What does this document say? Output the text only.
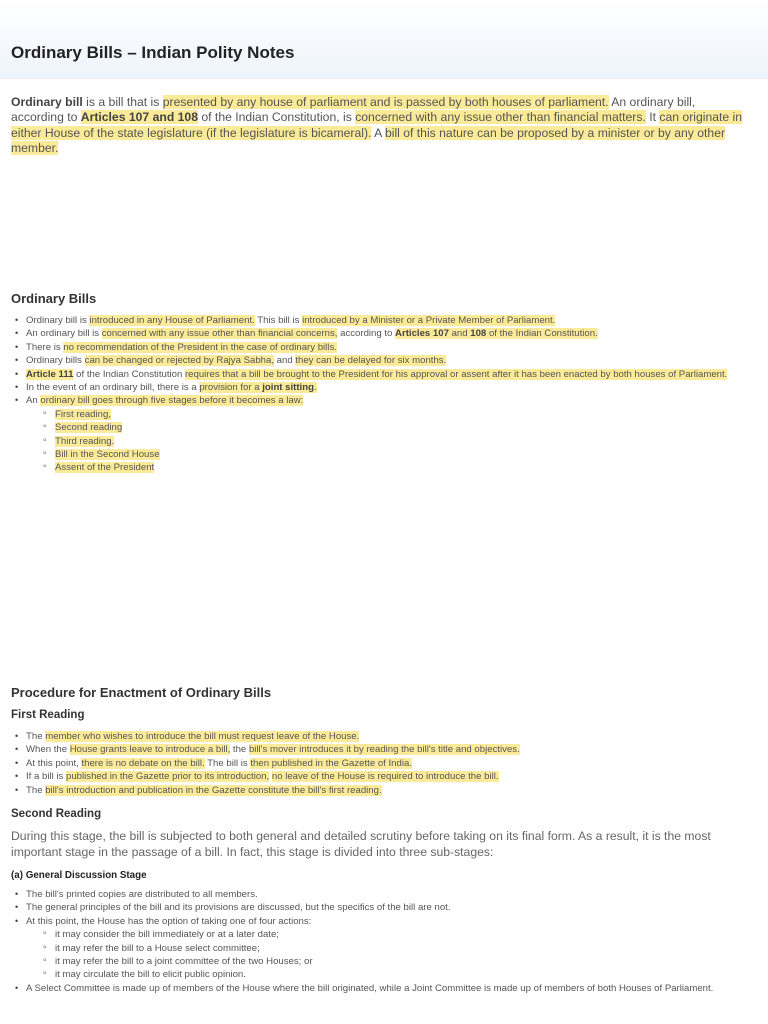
Ordinary Bills – Indian Polity Notes

Ordinary bill is a bill that is presented by any house of parliament and is passed by both houses of parliament. An ordinary bill, according to Articles 107 and 108 of the Indian Constitution, is concerned with any issue other than financial matters. It can originate in either House of the state legislature (if the legislature is bicameral). A bill of this nature can be proposed by a minister or by any other member.

Ordinary Bills
• Ordinary bill is introduced in any House of Parliament. This bill is introduced by a Minister or a Private Member of Parliament.
• An ordinary bill is concerned with any issue other than financial concerns, according to Articles 107 and 108 of the Indian Constitution.
• There is no recommendation of the President in the case of ordinary bills.
• Ordinary bills can be changed or rejected by Rajya Sabha, and they can be delayed for six months.
• Article 111 of the Indian Constitution requires that a bill be brought to the President for his approval or assent after it has been enacted by both houses of Parliament.
• In the event of an ordinary bill, there is a provision for a joint sitting.
• An ordinary bill goes through five stages before it becomes a law:
◦ First reading,
◦ Second reading
◦ Third reading.
◦ Bill in the Second House
◦ Assent of the President
Procedure for Enactment of Ordinary Bills
First Reading
• The member who wishes to introduce the bill must request leave of the House.
• When the House grants leave to introduce a bill, the bill's mover introduces it by reading the bill's title and objectives.
• At this point, there is no debate on the bill. The bill is then published in the Gazette of India.
• If a bill is published in the Gazette prior to its introduction, no leave of the House is required to introduce the bill.
• The bill's introduction and publication in the Gazette constitute the bill's first reading.
Second Reading

During this stage, the bill is subjected to both general and detailed scrutiny before taking on its final form. As a result, it is the most important stage in the passage of a bill. In fact, this stage is divided into three sub-stages:

(a) General Discussion Stage
• The bill's printed copies are distributed to all members.
• The general principles of the bill and its provisions are discussed, but the specifics of the bill are not.
• At this point, the House has the option of taking one of four actions:
◦ it may consider the bill immediately or at a later date;
◦ it may refer the bill to a House select committee;
◦ it may refer the bill to a joint committee of the two Houses; or
◦ it may circulate the bill to elicit public opinion.
• A Select Committee is made up of members of the House where the bill originated, while a Joint Committee is made up of members of both Houses of Parliament.
